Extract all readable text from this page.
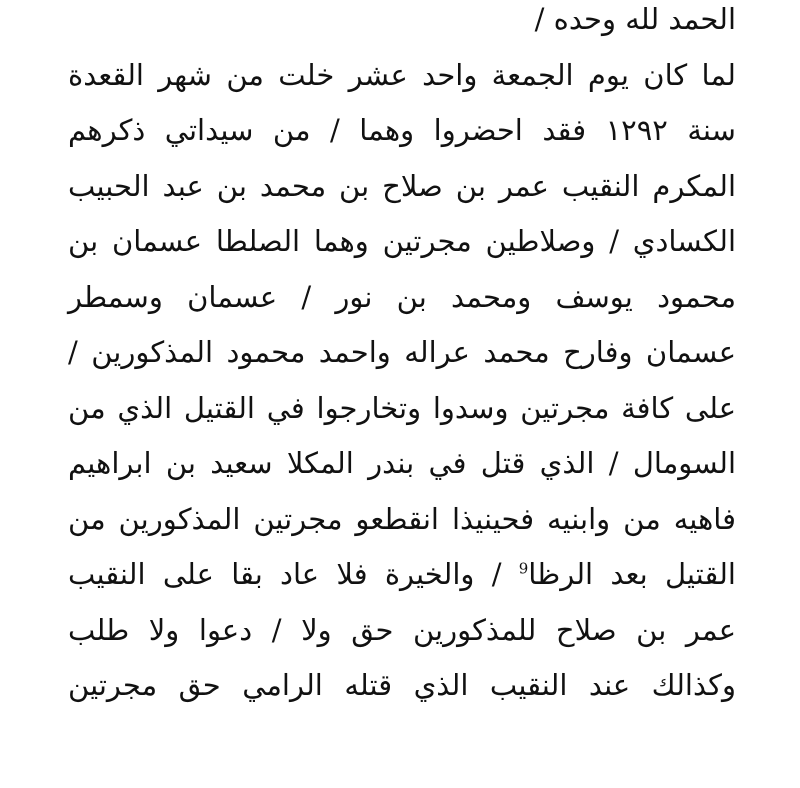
الحمد لله وحده /
لما كان يوم الجمعة واحد عشر خلت من شهر القعدة
سنة ١٢٩٢ فقد احضروا وهما / من سيداتي ذكرهم
المكرم النقيب عمر بن صلاح بن محمد بن عبد الحبيب
الكسادي / وصلاطين مجرتين وهما الصلطا عسمان بن
محمود يوسف ومحمد بن نور / عسمان وسمطر
عسمان وفارح محمد عراله واحمد محمود المذكورين /
على كافة مجرتين وسدوا وتخارجوا في القتيل الذي من
السومال / الذي قتل في بندر المكلا سعيد بن ابراهيم
فاهيه من وابنيه فحينيذا انقطعو مجرتين المذكورين من
القتيل بعد الرظا$^9$ / والخيرة فلا عاد بقا على النقيب
عمر بن صلاح للمذكورين حق ولا / دعوا ولا طلب
وكذالك عند النقيب الذي قتله الرامي حق مجرتين
